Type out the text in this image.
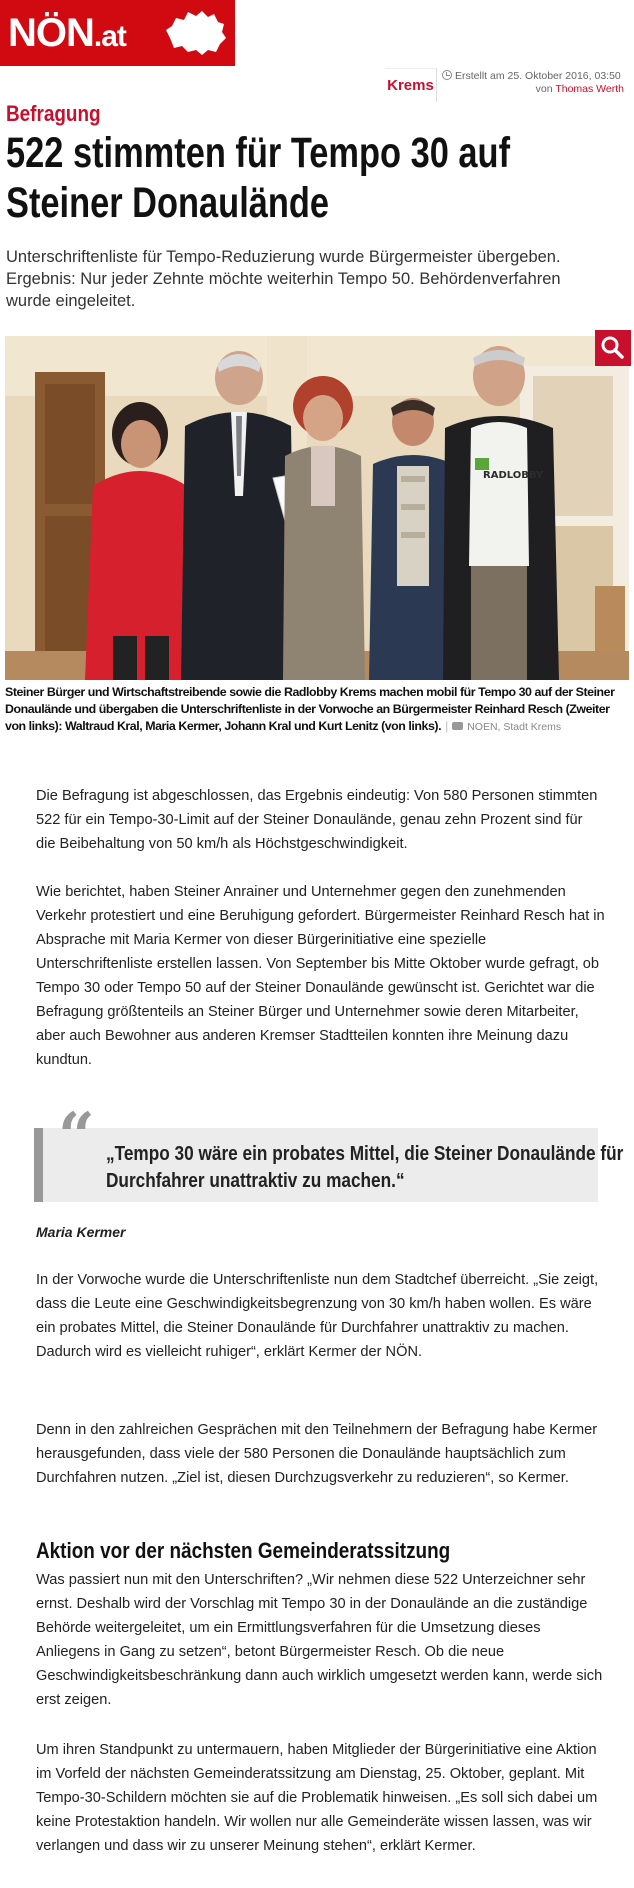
NÖN.at
Krems
Erstellt am 25. Oktober 2016, 03:50
von Thomas Werth
Befragung
522 stimmten für Tempo 30 auf Steiner Donaulände

Unterschriftenliste für Tempo-Reduzierung wurde Bürgermeister übergeben. Ergebnis: Nur jeder Zehnte möchte weiterhin Tempo 50. Behördenverfahren wurde eingeleitet.

RADLOBBY
Steiner Bürger und Wirtschaftstreibende sowie die Radlobby Krems machen mobil für Tempo 30 auf der Steiner Donaulände und übergaben die Unterschriftenliste in der Vorwoche an Bürgermeister Reinhard Resch (Zweiter von links): Waltraud Kral, Maria Kermer, Johann Kral und Kurt Lenitz (von links). | NOEN, Stadt Krems

Die Befragung ist abgeschlossen, das Ergebnis eindeutig: Von 580 Personen stimmten 522 für ein Tempo-30-Limit auf der Steiner Donaulände, genau zehn Prozent sind für die Beibehaltung von 50 km/h als Höchstgeschwindigkeit.

Wie berichtet, haben Steiner Anrainer und Unternehmer gegen den zunehmenden Verkehr protestiert und eine Beruhigung gefordert. Bürgermeister Reinhard Resch hat in Absprache mit Maria Kermer von dieser Bürgerinitiative eine spezielle Unterschriftenliste erstellen lassen. Von September bis Mitte Oktober wurde gefragt, ob Tempo 30 oder Tempo 50 auf der Steiner Donaulände gewünscht ist. Gerichtet war die Befragung größtenteils an Steiner Bürger und Unternehmer sowie deren Mitarbeiter, aber auch Bewohner aus anderen Kremser Stadtteilen konnten ihre Meinung dazu kundtun.

“ „Tempo 30 wäre ein probates Mittel, die Steiner Donaulände für Durchfahrer unattraktiv zu machen.“
Maria Kermer

In der Vorwoche wurde die Unterschriftenliste nun dem Stadtchef überreicht. „Sie zeigt, dass die Leute eine Geschwindigkeitsbegrenzung von 30 km/h haben wollen. Es wäre ein probates Mittel, die Steiner Donaulände für Durchfahrer unattraktiv zu machen. Dadurch wird es vielleicht ruhiger“, erklärt Kermer der NÖN.

Denn in den zahlreichen Gesprächen mit den Teilnehmern der Befragung habe Kermer herausgefunden, dass viele der 580 Personen die Donaulände hauptsächlich zum Durchfahren nutzen. „Ziel ist, diesen Durchzugsverkehr zu reduzieren“, so Kermer.

Aktion vor der nächsten Gemeinderatssitzung

Was passiert nun mit den Unterschriften? „Wir nehmen diese 522 Unterzeichner sehr ernst. Deshalb wird der Vorschlag mit Tempo 30 in der Donaulände an die zuständige Behörde weitergeleitet, um ein Ermittlungsverfahren für die Umsetzung dieses Anliegens in Gang zu setzen“, betont Bürgermeister Resch. Ob die neue Geschwindigkeitsbeschränkung dann auch wirklich umgesetzt werden kann, werde sich erst zeigen.

Um ihren Standpunkt zu untermauern, haben Mitglieder der Bürgerinitiative eine Aktion im Vorfeld der nächsten Gemeinderatssitzung am Dienstag, 25. Oktober, geplant. Mit Tempo-30-Schildern möchten sie auf die Problematik hinweisen. „Es soll sich dabei um keine Protestaktion handeln. Wir wollen nur alle Gemeinderäte wissen lassen, was wir verlangen und dass wir zu unserer Meinung stehen“, erklärt Kermer.
